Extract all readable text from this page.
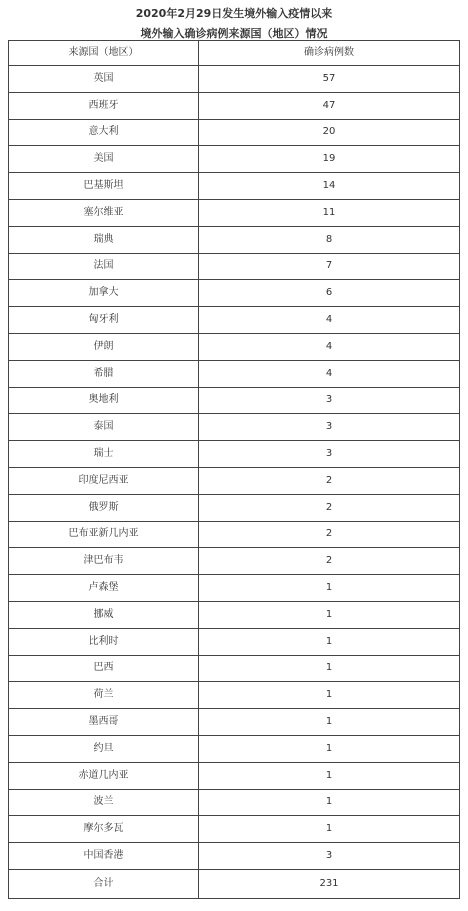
2020年2月29日发生境外输入疫情以来
境外输入确诊病例来源国（地区）情况
来源国（地区）	确诊病例数
英国	57
西班牙	47
意大利	20
美国	19
巴基斯坦	14
塞尔维亚	11
瑞典	8
法国	7
加拿大	6
匈牙利	4
伊朗	4
希腊	4
奥地利	3
泰国	3
瑞士	3
印度尼西亚	2
俄罗斯	2
巴布亚新几内亚	2
津巴布韦	2
卢森堡	1
挪威	1
比利时	1
巴西	1
荷兰	1
墨西哥	1
约旦	1
赤道几内亚	1
波兰	1
摩尔多瓦	1
中国香港	3
合计	231
